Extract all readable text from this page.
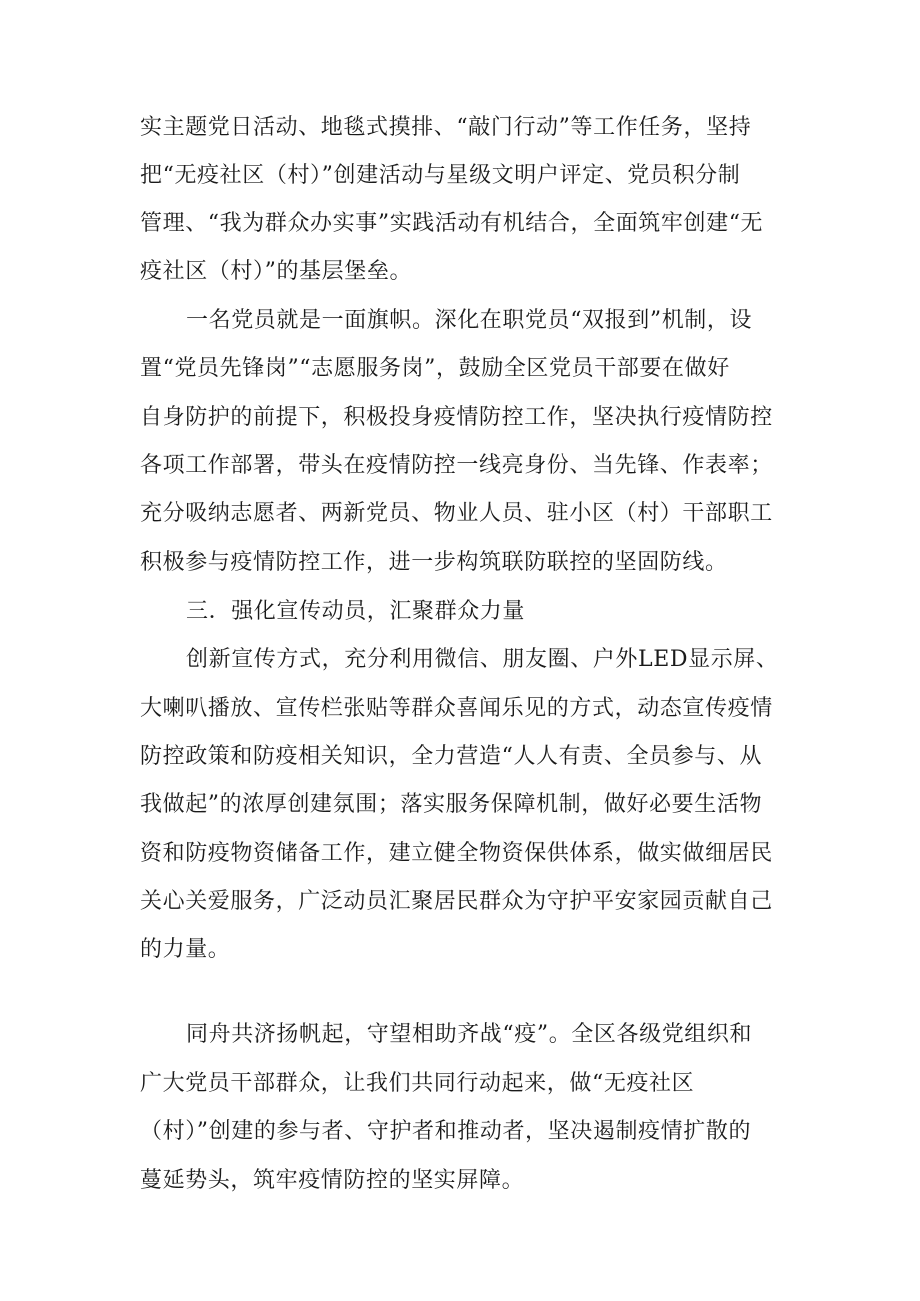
实主题党日活动、地毯式摸排、“敲门行动”等工作任务，坚持
把“无疫社区（村）”创建活动与星级文明户评定、党员积分制
管理、“我为群众办实事”实践活动有机结合，全面筑牢创建“无
疫社区（村）”的基层堡垒。
一名党员就是一面旗帜。深化在职党员“双报到”机制，设
置“党员先锋岗”“志愿服务岗”，鼓励全区党员干部要在做好
自身防护的前提下，积极投身疫情防控工作，坚决执行疫情防控
各项工作部署，带头在疫情防控一线亮身份、当先锋、作表率；
充分吸纳志愿者、两新党员、物业人员、驻小区（村）干部职工
积极参与疫情防控工作，进一步构筑联防联控的坚固防线。
三．强化宣传动员，汇聚群众力量
创新宣传方式，充分利用微信、朋友圈、户外LED显示屏、
大喇叭播放、宣传栏张贴等群众喜闻乐见的方式，动态宣传疫情
防控政策和防疫相关知识，全力营造“人人有责、全员参与、从
我做起”的浓厚创建氛围；落实服务保障机制，做好必要生活物
资和防疫物资储备工作，建立健全物资保供体系，做实做细居民
关心关爱服务，广泛动员汇聚居民群众为守护平安家园贡献自己
的力量。
同舟共济扬帆起，守望相助齐战“疫”。全区各级党组织和
广大党员干部群众，让我们共同行动起来，做“无疫社区
（村）”创建的参与者、守护者和推动者，坚决遏制疫情扩散的
蔓延势头，筑牢疫情防控的坚实屏障。
